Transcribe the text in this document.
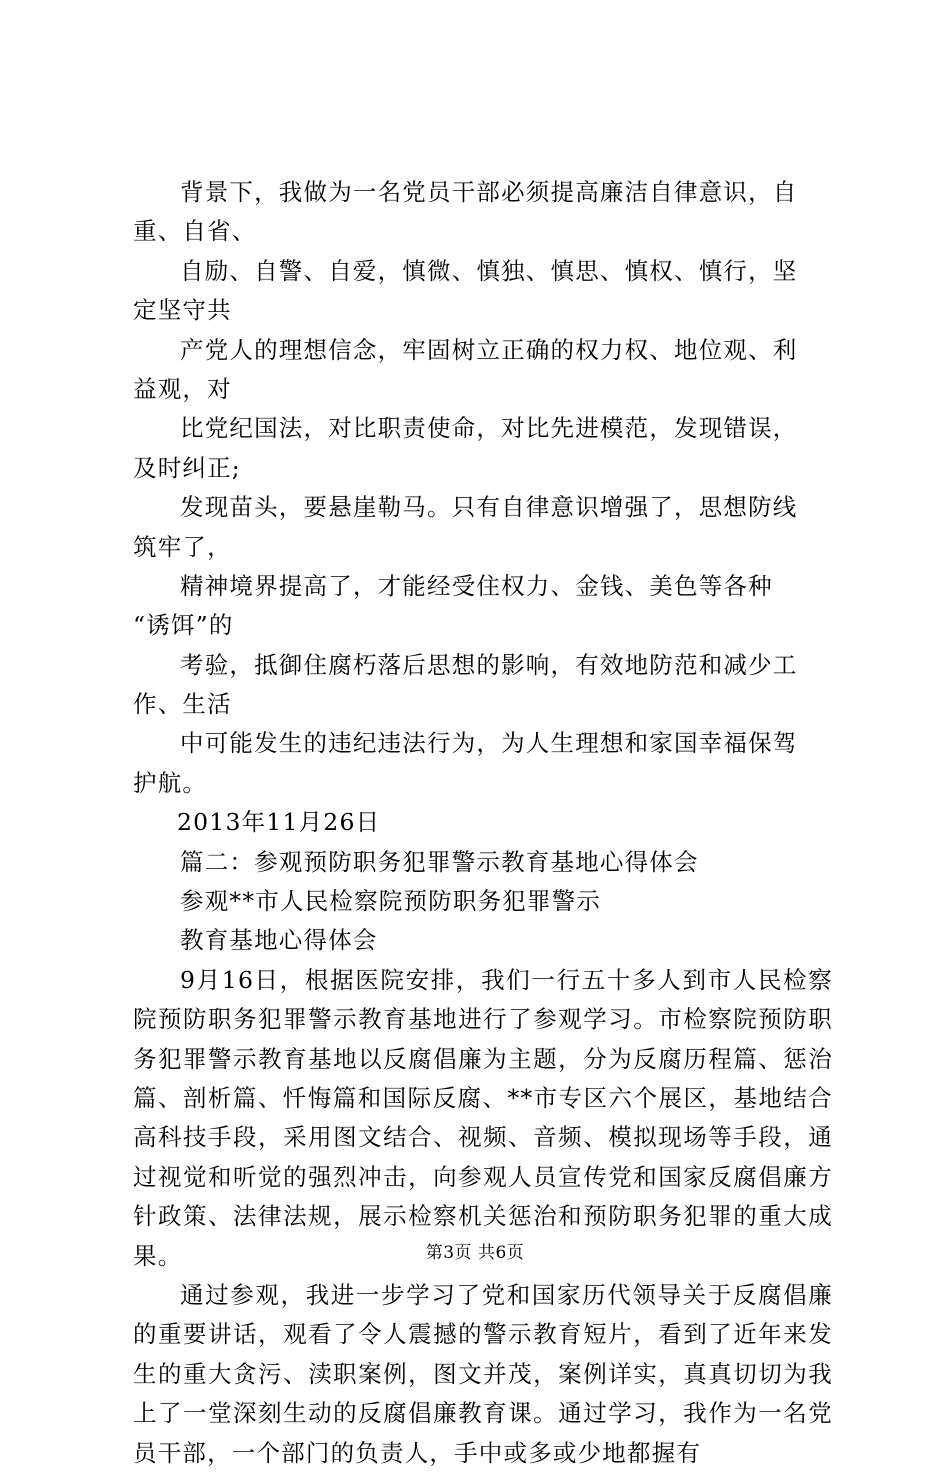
背景下，我做为一名党员干部必须提高廉洁自律意识，自
重、自省、
自励、自警、自爱，慎微、慎独、慎思、慎权、慎行，坚
定坚守共
产党人的理想信念，牢固树立正确的权力权、地位观、利
益观，对
比党纪国法，对比职责使命，对比先进模范，发现错误，
及时纠正;
发现苗头，要悬崖勒马。只有自律意识增强了，思想防线
筑牢了，
精神境界提高了，才能经受住权力、金钱、美色等各种
“诱饵”的
考验，抵御住腐朽落后思想的影响，有效地防范和减少工
作、生活
中可能发生的违纪违法行为，为人生理想和家国幸福保驾
护航。
2013年11月26日
篇二：参观预防职务犯罪警示教育基地心得体会
参观**市人民检察院预防职务犯罪警示
教育基地心得体会
9月16日，根据医院安排，我们一行五十多人到市人民检察院预防职务犯罪警示教育基地进行了参观学习。市检察院预防职务犯罪警示教育基地以反腐倡廉为主题，分为反腐历程篇、惩治篇、剖析篇、忏悔篇和国际反腐、**市专区六个展区，基地结合高科技手段，采用图文结合、视频、音频、模拟现场等手段，通过视觉和听觉的强烈冲击，向参观人员宣传党和国家反腐倡廉方针政策、法律法规，展示检察机关惩治和预防职务犯罪的重大成果。
通过参观，我进一步学习了党和国家历代领导关于反腐倡廉的重要讲话，观看了令人震撼的警示教育短片，看到了近年来发生的重大贪污、渎职案例，图文并茂，案例详实，真真切切为我上了一堂深刻生动的反腐倡廉教育课。通过学习，我作为一名党员干部，一个部门的负责人，手中或多或少地都握有
第3页 共6页
